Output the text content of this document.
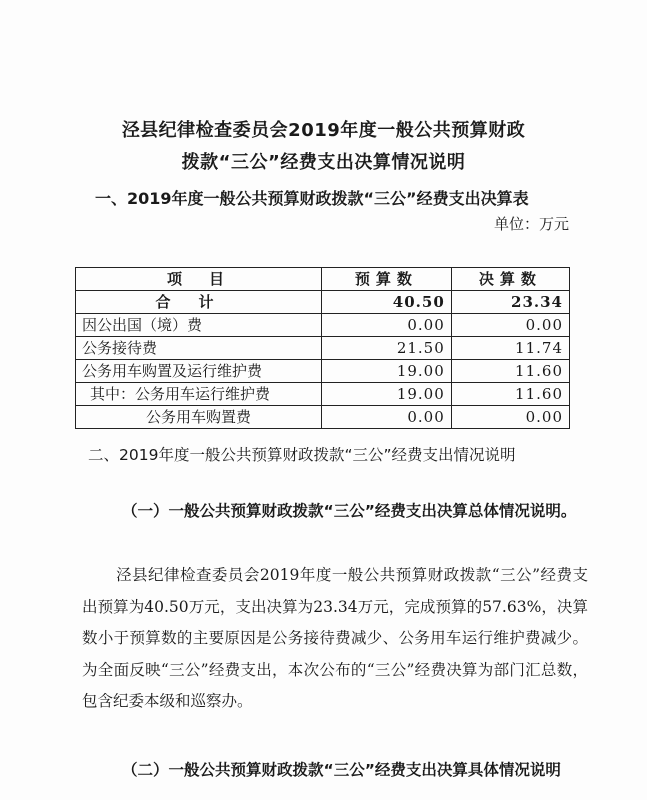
泾县纪律检查委员会2019年度一般公共预算财政
拨款“三公”经费支出决算情况说明
一、2019年度一般公共预算财政拨款“三公”经费支出决算表
单位：万元
项　目	预算数	决算数
合计	40.50	23.34
因公出国（境）费	0.00	0.00
公务接待费	21.50	11.74
公务用车购置及运行维护费	19.00	11.60
其中：公务用车运行维护费	19.00	11.60
公务用车购置费	0.00	0.00
二、2019年度一般公共预算财政拨款“三公”经费支出情况说明
（一）一般公共预算财政拨款“三公”经费支出决算总体情况说明。
泾县纪律检查委员会2019年度一般公共预算财政拨款“三公”经费支出预算为40.50万元，支出决算为23.34万元，完成预算的57.63%，决算数小于预算数的主要原因是公务接待费减少、公务用车运行维护费减少。为全面反映“三公”经费支出，本次公布的“三公”经费决算为部门汇总数，包含纪委本级和巡察办。
（二）一般公共预算财政拨款“三公”经费支出决算具体情况说明
